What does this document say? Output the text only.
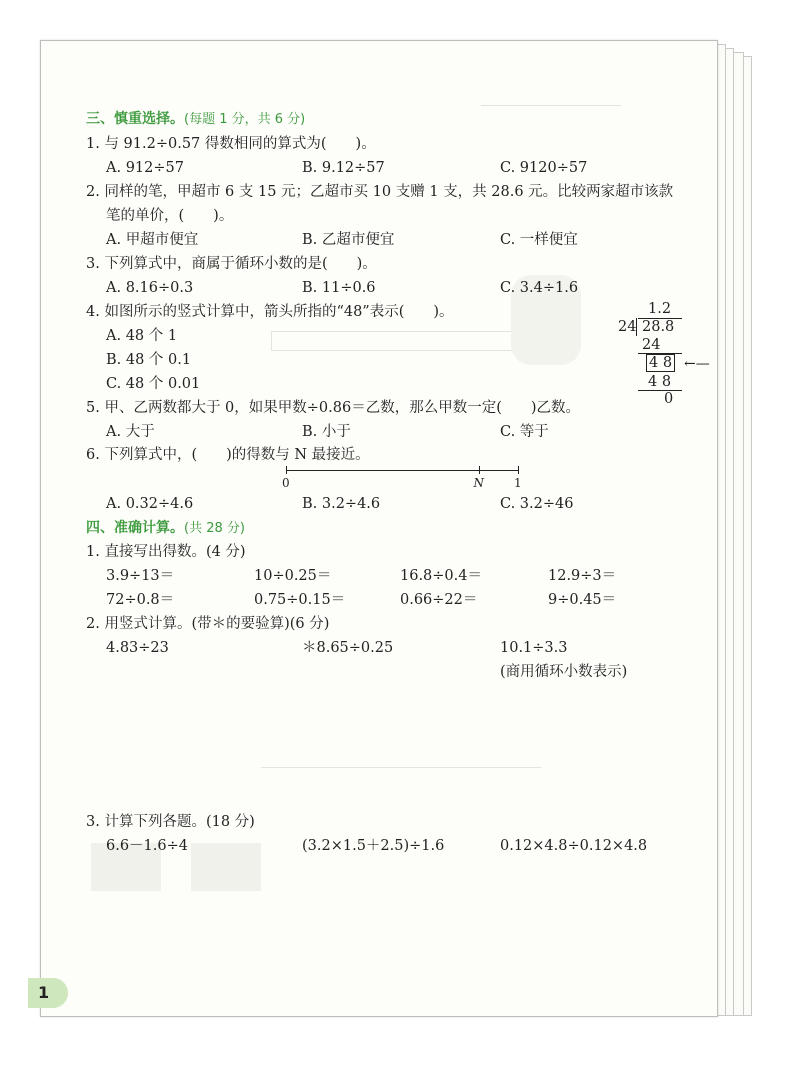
三、慎重选择。(每题 1 分，共 6 分)
1. 与 91.2÷0.57 得数相同的算式为(　　)。
A. 912÷57	B. 9.12÷57	C. 9120÷57
2. 同样的笔，甲超市 6 支 15 元；乙超市买 10 支赠 1 支，共 28.6 元。比较两家超市该款
笔的单价，(　　)。
A. 甲超市便宜	B. 乙超市便宜	C. 一样便宜
3. 下列算式中，商属于循环小数的是(　　)。
A. 8.16÷0.3	B. 11÷0.6	C. 3.4÷1.6
4. 如图所示的竖式计算中，箭头所指的“48”表示(　　)。
A. 48 个 1
B. 48 个 0.1
C. 48 个 0.01
1.2
24 28.8
24
4 8 ←—
4 8
0
5. 甲、乙两数都大于 0，如果甲数÷0.86＝乙数，那么甲数一定(　　)乙数。
A. 大于	B. 小于	C. 等于
6. 下列算式中，(　　)的得数与 N 最接近。
0	N 1
A. 0.32÷4.6	B. 3.2÷4.6	C. 3.2÷46
四、准确计算。(共 28 分)
1. 直接写出得数。(4 分)
3.9÷13＝	10÷0.25＝	16.8÷0.4＝	12.9÷3＝
72÷0.8＝	0.75÷0.15＝	0.66÷22＝	9÷0.45＝
2. 用竖式计算。(带＊的要验算)(6 分)
4.83÷23	＊8.65÷0.25	10.1÷3.3
(商用循环小数表示)
3. 计算下列各题。(18 分)
6.6－1.6÷4	(3.2×1.5＋2.5)÷1.6	0.12×4.8÷0.12×4.8
1
